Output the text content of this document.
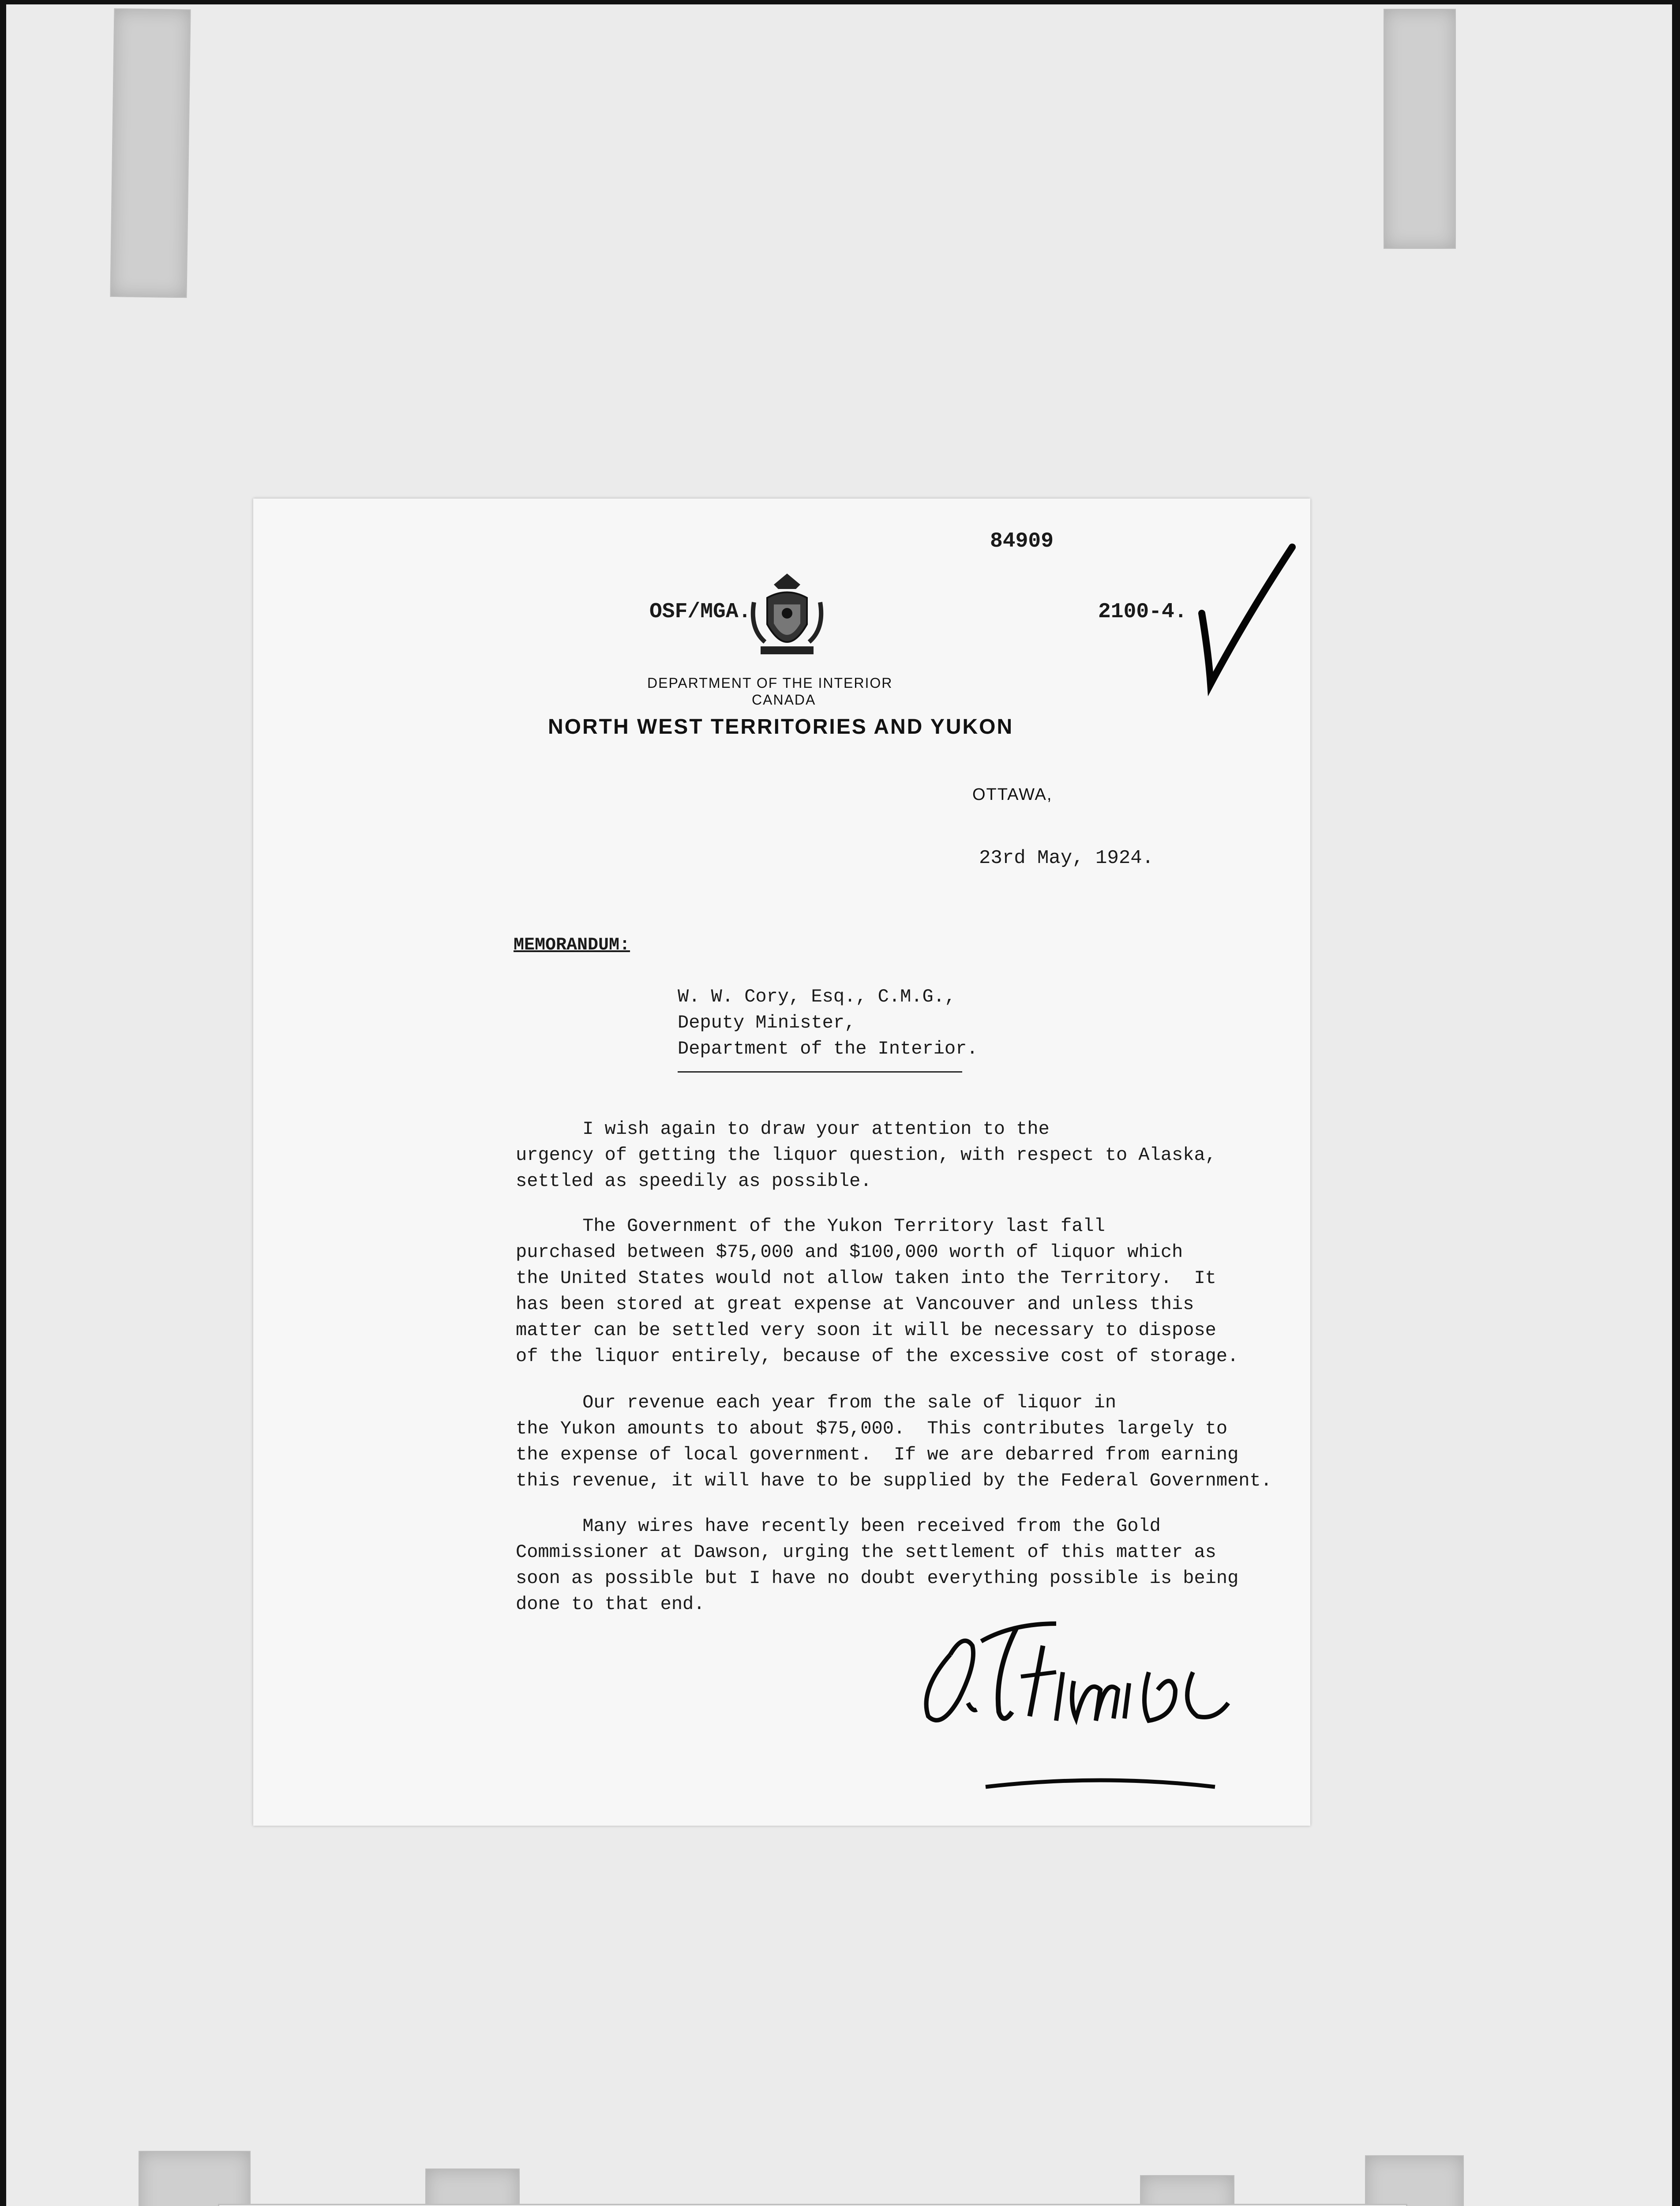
84909
OSF/MGA.	2100-4.
DEPARTMENT OF THE INTERIOR
CANADA
NORTH WEST TERRITORIES AND YUKON
OTTAWA,
23rd May, 1924.
MEMORANDUM:
W. W. Cory, Esq., C.M.G.,
Deputy Minister,
Department of the Interior.
I wish again to draw your attention to the
urgency of getting the liquor question, with respect to Alaska,
settled as speedily as possible.
The Government of the Yukon Territory last fall
purchased between $75,000 and $100,000 worth of liquor which
the United States would not allow taken into the Territory.  It
has been stored at great expense at Vancouver and unless this
matter can be settled very soon it will be necessary to dispose
of the liquor entirely, because of the excessive cost of storage.
Our revenue each year from the sale of liquor in
the Yukon amounts to about $75,000.  This contributes largely to
the expense of local government.  If we are debarred from earning
this revenue, it will have to be supplied by the Federal Government.
Many wires have recently been received from the Gold
Commissioner at Dawson, urging the settlement of this matter as
soon as possible but I have no doubt everything possible is being
done to that end.
